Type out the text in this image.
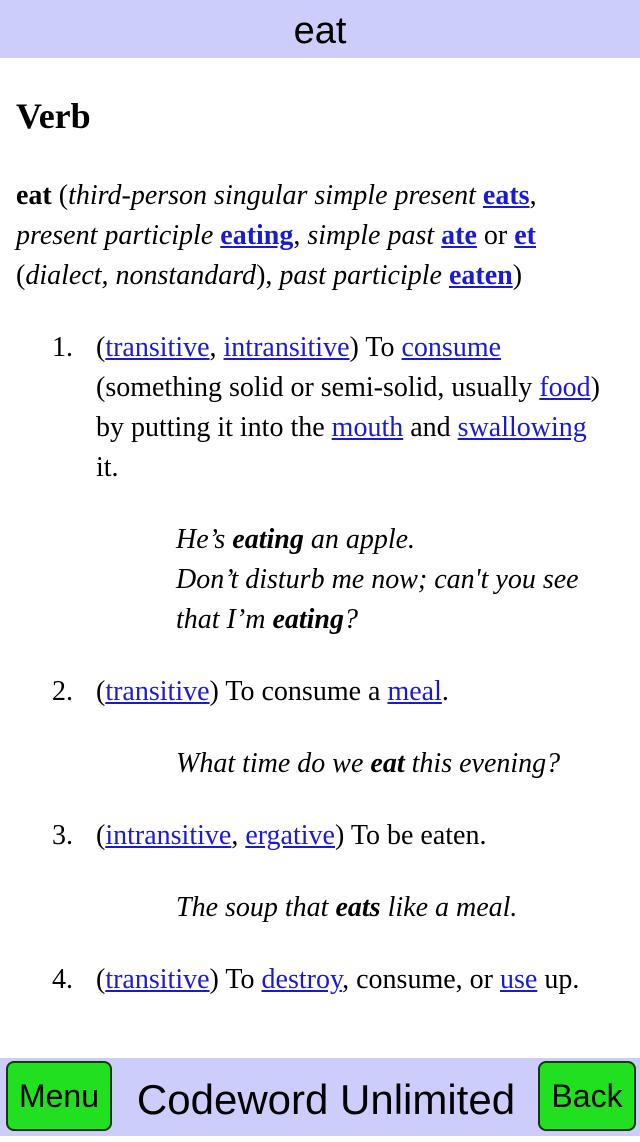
eat
Verb
eat (third-person singular simple present eats, present participle eating, simple past ate or et (dialect, nonstandard), past participle eaten)
1. (transitive, intransitive) To consume (something solid or semi-solid, usually food) by putting it into the mouth and swallowing it.
He’s eating an apple.
Don’t disturb me now; can't you see that I’m eating?
2. (transitive) To consume a meal.
What time do we eat this evening?
3. (intransitive, ergative) To be eaten.
The soup that eats like a meal.
4. (transitive) To destroy, consume, or use up.
Menu Codeword Unlimited	Back
